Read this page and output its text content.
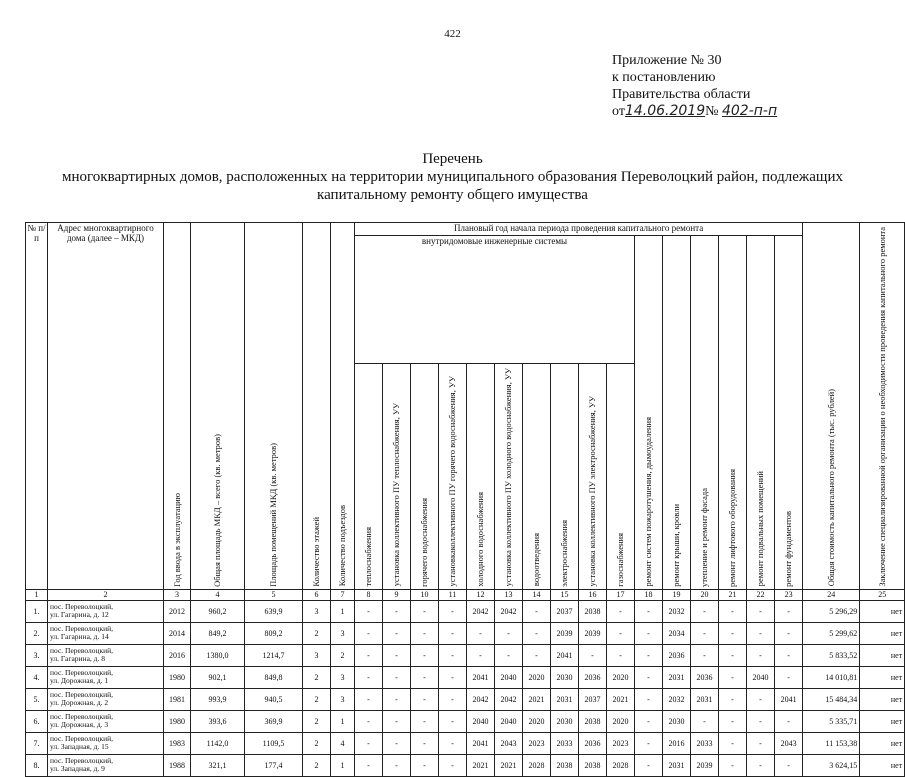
422
Приложение № 30
к постановлению
Правительства области
от14.06.2019№ 402-п-п
Перечень
многоквартирных домов, расположенных на территории муниципального образования Переволоцкий район, подлежащих
капитальному ремонту общего имущества
№ п/п	Адрес многоквартирного дома (далее – МКД)	Год ввода в эксплуатацию	Общая площадь МКД – всего (кв. метров)	Площадь помещений МКД (кв. метров)	Количество этажей	Количество подъездов	Плановый год начала периода проведения капитального ремонта																Общая стоимость капитального ремонта (тыс. рублей)	Заключение специализированной организации о необходимости проведения капитального ремонта
							внутридомовые инженерные системы										ремонт систем пожаротушения, дымоудаления	ремонт крыши, кровли	утепление и ремонт фасада	ремонт лифтового оборудования	ремонт подвальных помещений	ремонт фундаментов		
							теплоснабжения	установка коллективного ПУ теплоснабжения, УУ	горячего водоснабжения	установкаколлективного ПУ горячего водоснабжения, УУ	холодного водоснабжения	установка коллективного ПУ холодного водоснабжения, УУ	водоотведения	электроснабжения	установка коллективного ПУ электроснабжения, УУ	газоснабжения								
1	2	3	4	5	6	7	8	9	10	11	12	13	14	15	16	17	18	19	20	21	22	23	24	25
1.	пос. Переволоцкий,
ул. Гагарина, д. 12	2012	960,2	639,9	3	1	-	-	-	-	2042	2042	-	2037	2038	-	-	2032	-	-	-	-	5 296,29	нет
2.	пос. Переволоцкий,
ул. Гагарина, д. 14	2014	849,2	809,2	2	3	-	-	-	-	-	-	-	2039	2039	-	-	2034	-	-	-	-	5 299,62	нет
3.	пос. Переволоцкий,
ул. Гагарина, д. 8	2016	1380,0	1214,7	3	2	-	-	-	-	-	-	-	2041	-	-	-	2036	-	-	-	-	5 833,52	нет
4.	пос. Переволоцкий,
ул. Дорожная, д. 1	1980	902,1	849,8	2	3	-	-	-	-	2041	2040	2020	2030	2036	2020	-	2031	2036	-	2040	-	14 010,81	нет
5.	пос. Переволоцкий,
ул. Дорожная, д. 2	1981	993,9	940,5	2	3	-	-	-	-	2042	2042	2021	2031	2037	2021	-	2032	2031	-	-	2041	15 484,34	нет
6.	пос. Переволоцкий,
ул. Дорожная, д. 3	1980	393,6	369,9	2	1	-	-	-	-	2040	2040	2020	2030	2038	2020	-	2030	-	-	-	-	5 335,71	нет
7.	пос. Переволоцкий,
ул. Западная, д. 15	1983	1142,0	1109,5	2	4	-	-	-	-	2041	2043	2023	2033	2036	2023	-	2016	2033	-	-	2043	11 153,38	нет
8.	пос. Переволоцкий,
ул. Западная, д. 9	1988	321,1	177,4	2	1	-	-	-	-	2021	2021	2028	2038	2038	2028	-	2031	2039	-	-	-	3 624,15	нет
